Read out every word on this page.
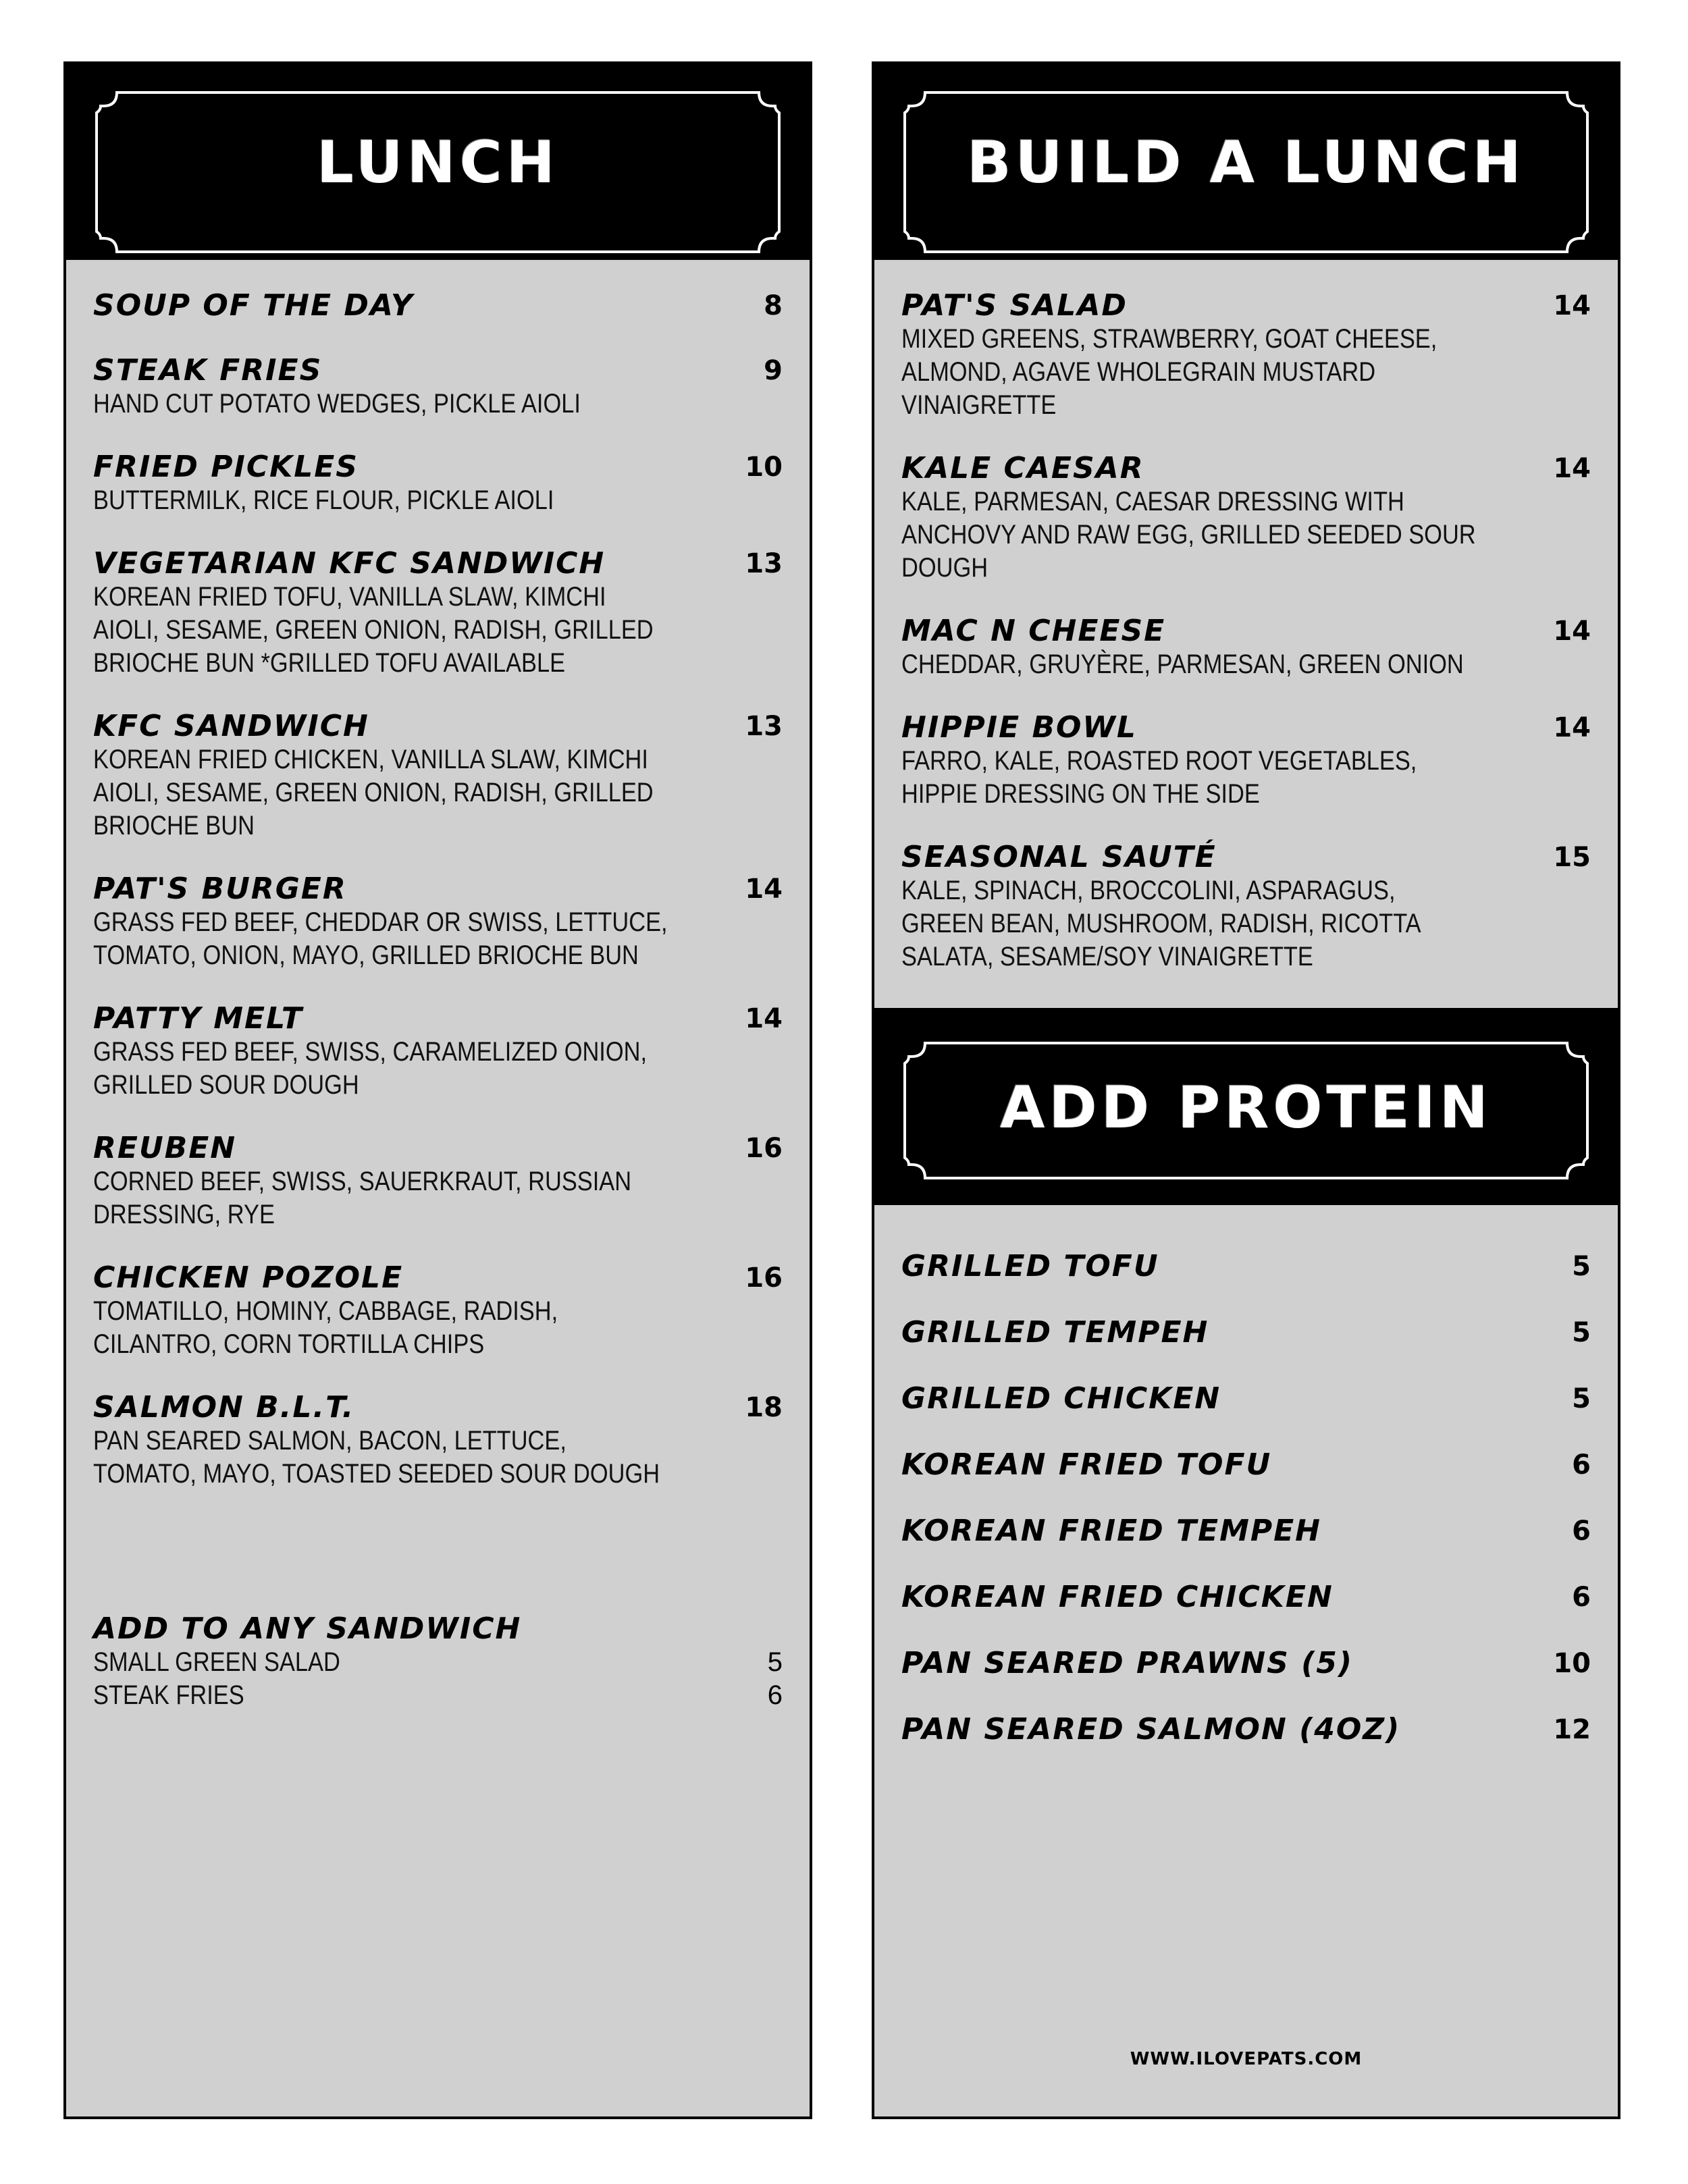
LUNCH
SOUP OF THE DAY	8
STEAK FRIES	9
HAND CUT POTATO WEDGES, PICKLE AIOLI
FRIED PICKLES	10
BUTTERMILK, RICE FLOUR, PICKLE AIOLI
VEGETARIAN KFC SANDWICH	13
KOREAN FRIED TOFU, VANILLA SLAW, KIMCHI AIOLI, SESAME, GREEN ONION, RADISH, GRILLED BRIOCHE BUN *GRILLED TOFU AVAILABLE
KFC SANDWICH	13
KOREAN FRIED CHICKEN, VANILLA SLAW, KIMCHI AIOLI, SESAME, GREEN ONION, RADISH, GRILLED BRIOCHE BUN
PAT'S BURGER	14
GRASS FED BEEF, CHEDDAR OR SWISS, LETTUCE, TOMATO, ONION, MAYO, GRILLED BRIOCHE BUN
PATTY MELT	14
GRASS FED BEEF, SWISS, CARAMELIZED ONION, GRILLED SOUR DOUGH
REUBEN	16
CORNED BEEF, SWISS, SAUERKRAUT, RUSSIAN DRESSING, RYE
CHICKEN POZOLE	16
TOMATILLO, HOMINY, CABBAGE, RADISH, CILANTRO, CORN TORTILLA CHIPS
SALMON B.L.T.	18
PAN SEARED SALMON, BACON, LETTUCE, TOMATO, MAYO, TOASTED SEEDED SOUR DOUGH
ADD TO ANY SANDWICH
SMALL GREEN SALAD	5
STEAK FRIES	6
BUILD A LUNCH
PAT'S SALAD	14
MIXED GREENS, STRAWBERRY, GOAT CHEESE, ALMOND, AGAVE WHOLEGRAIN MUSTARD VINAIGRETTE
KALE CAESAR	14
KALE, PARMESAN, CAESAR DRESSING WITH ANCHOVY AND RAW EGG, GRILLED SEEDED SOUR DOUGH
MAC N CHEESE	14
CHEDDAR, GRUYÈRE, PARMESAN, GREEN ONION
HIPPIE BOWL	14
FARRO, KALE, ROASTED ROOT VEGETABLES, HIPPIE DRESSING ON THE SIDE
SEASONAL SAUTÉ	15
KALE, SPINACH, BROCCOLINI, ASPARAGUS, GREEN BEAN, MUSHROOM, RADISH, RICOTTA SALATA, SESAME/SOY VINAIGRETTE
ADD PROTEIN
GRILLED TOFU	5
GRILLED TEMPEH	5
GRILLED CHICKEN	5
KOREAN FRIED TOFU	6
KOREAN FRIED TEMPEH	6
KOREAN FRIED CHICKEN	6
PAN SEARED PRAWNS (5)	10
PAN SEARED SALMON (4OZ)	12
WWW.ILOVEPATS.COM
